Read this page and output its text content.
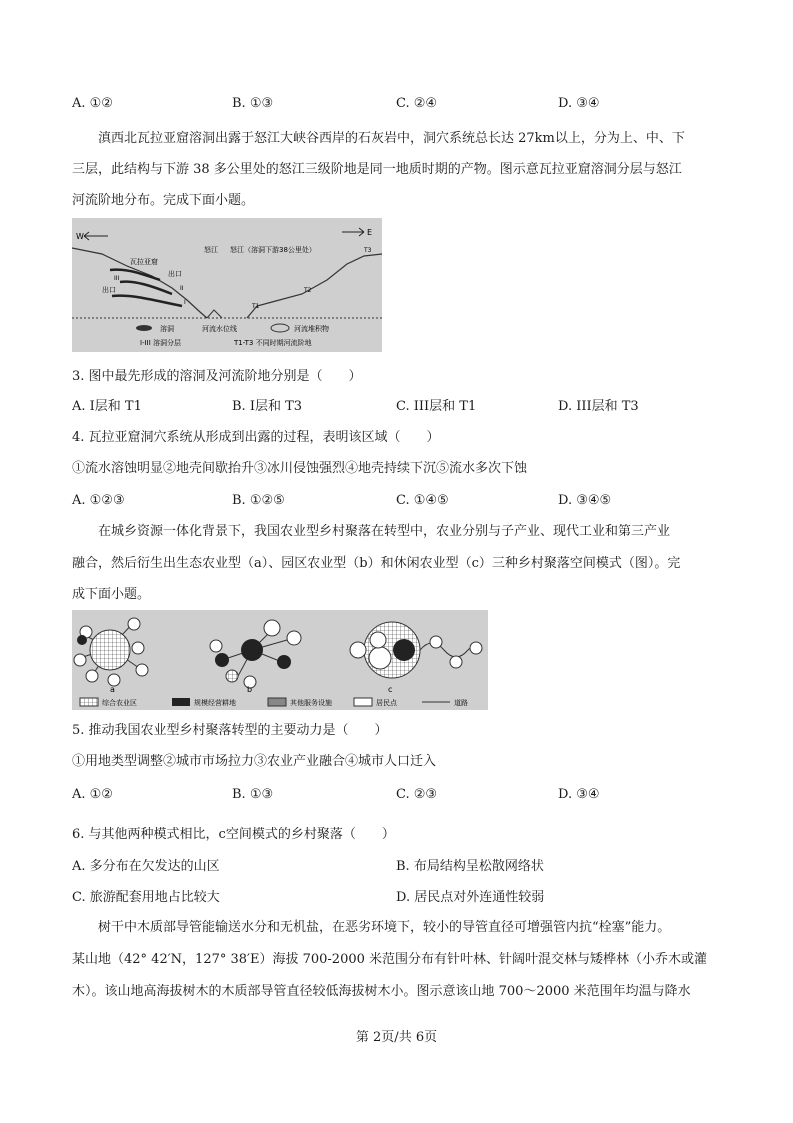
A. ①②	B. ①③	C. ②④	D. ③④
滇西北瓦拉亚窟溶洞出露于怒江大峡谷西岸的石灰岩中，洞穴系统总长达 27km以上，分为上、中、下
三层，此结构与下游 38 多公里处的怒江三级阶地是同一地质时期的产物。图示意瓦拉亚窟溶洞分层与怒江
河流阶地分布。完成下面小题。
W	E
瓦拉亚窟
出口
出口
III
II
I
怒江 怒江（溶洞下游38公里处）
T1
T2
T3
溶洞	河流水位线	河流堆积物
I-III 溶洞分层	T1-T3 不同时期河流阶地
3. 图中最先形成的溶洞及河流阶地分别是（　　）
A. Ⅰ层和 T1	B. Ⅰ层和 T3	C. III层和 T1	D. III层和 T3
4. 瓦拉亚窟洞穴系统从形成到出露的过程，表明该区域（　　）
①流水溶蚀明显②地壳间歇抬升③冰川侵蚀强烈④地壳持续下沉⑤流水多次下蚀
A. ①②③	B. ①②⑤	C. ①④⑤	D. ③④⑤
在城乡资源一体化背景下，我国农业型乡村聚落在转型中，农业分别与子产业、现代工业和第三产业
融合，然后衍生出生态农业型（a）、园区农业型（b）和休闲农业型（c）三种乡村聚落空间模式（图）。完
成下面小题。
a	b	c
综合农业区	规模经营耕地	其他服务设施	居民点	道路
5. 推动我国农业型乡村聚落转型的主要动力是（　　）
①用地类型调整②城市市场拉力③农业产业融合④城市人口迁入
A. ①②	B. ①③	C. ②③	D. ③④
6. 与其他两种模式相比，c空间模式的乡村聚落（　　）
A. 多分布在欠发达的山区	B. 布局结构呈松散网络状
C. 旅游配套用地占比较大	D. 居民点对外连通性较弱
树干中木质部导管能输送水分和无机盐，在恶劣环境下，较小的导管直径可增强管内抗“栓塞”能力。
某山地（42° 42′N，127° 38′E）海拔 700-2000 米范围分布有针叶林、针阔叶混交林与矮桦林（小乔木或灌
木）。该山地高海拔树木的木质部导管直径较低海拔树木小。图示意该山地 700～2000 米范围年均温与降水
第 2页/共 6页
